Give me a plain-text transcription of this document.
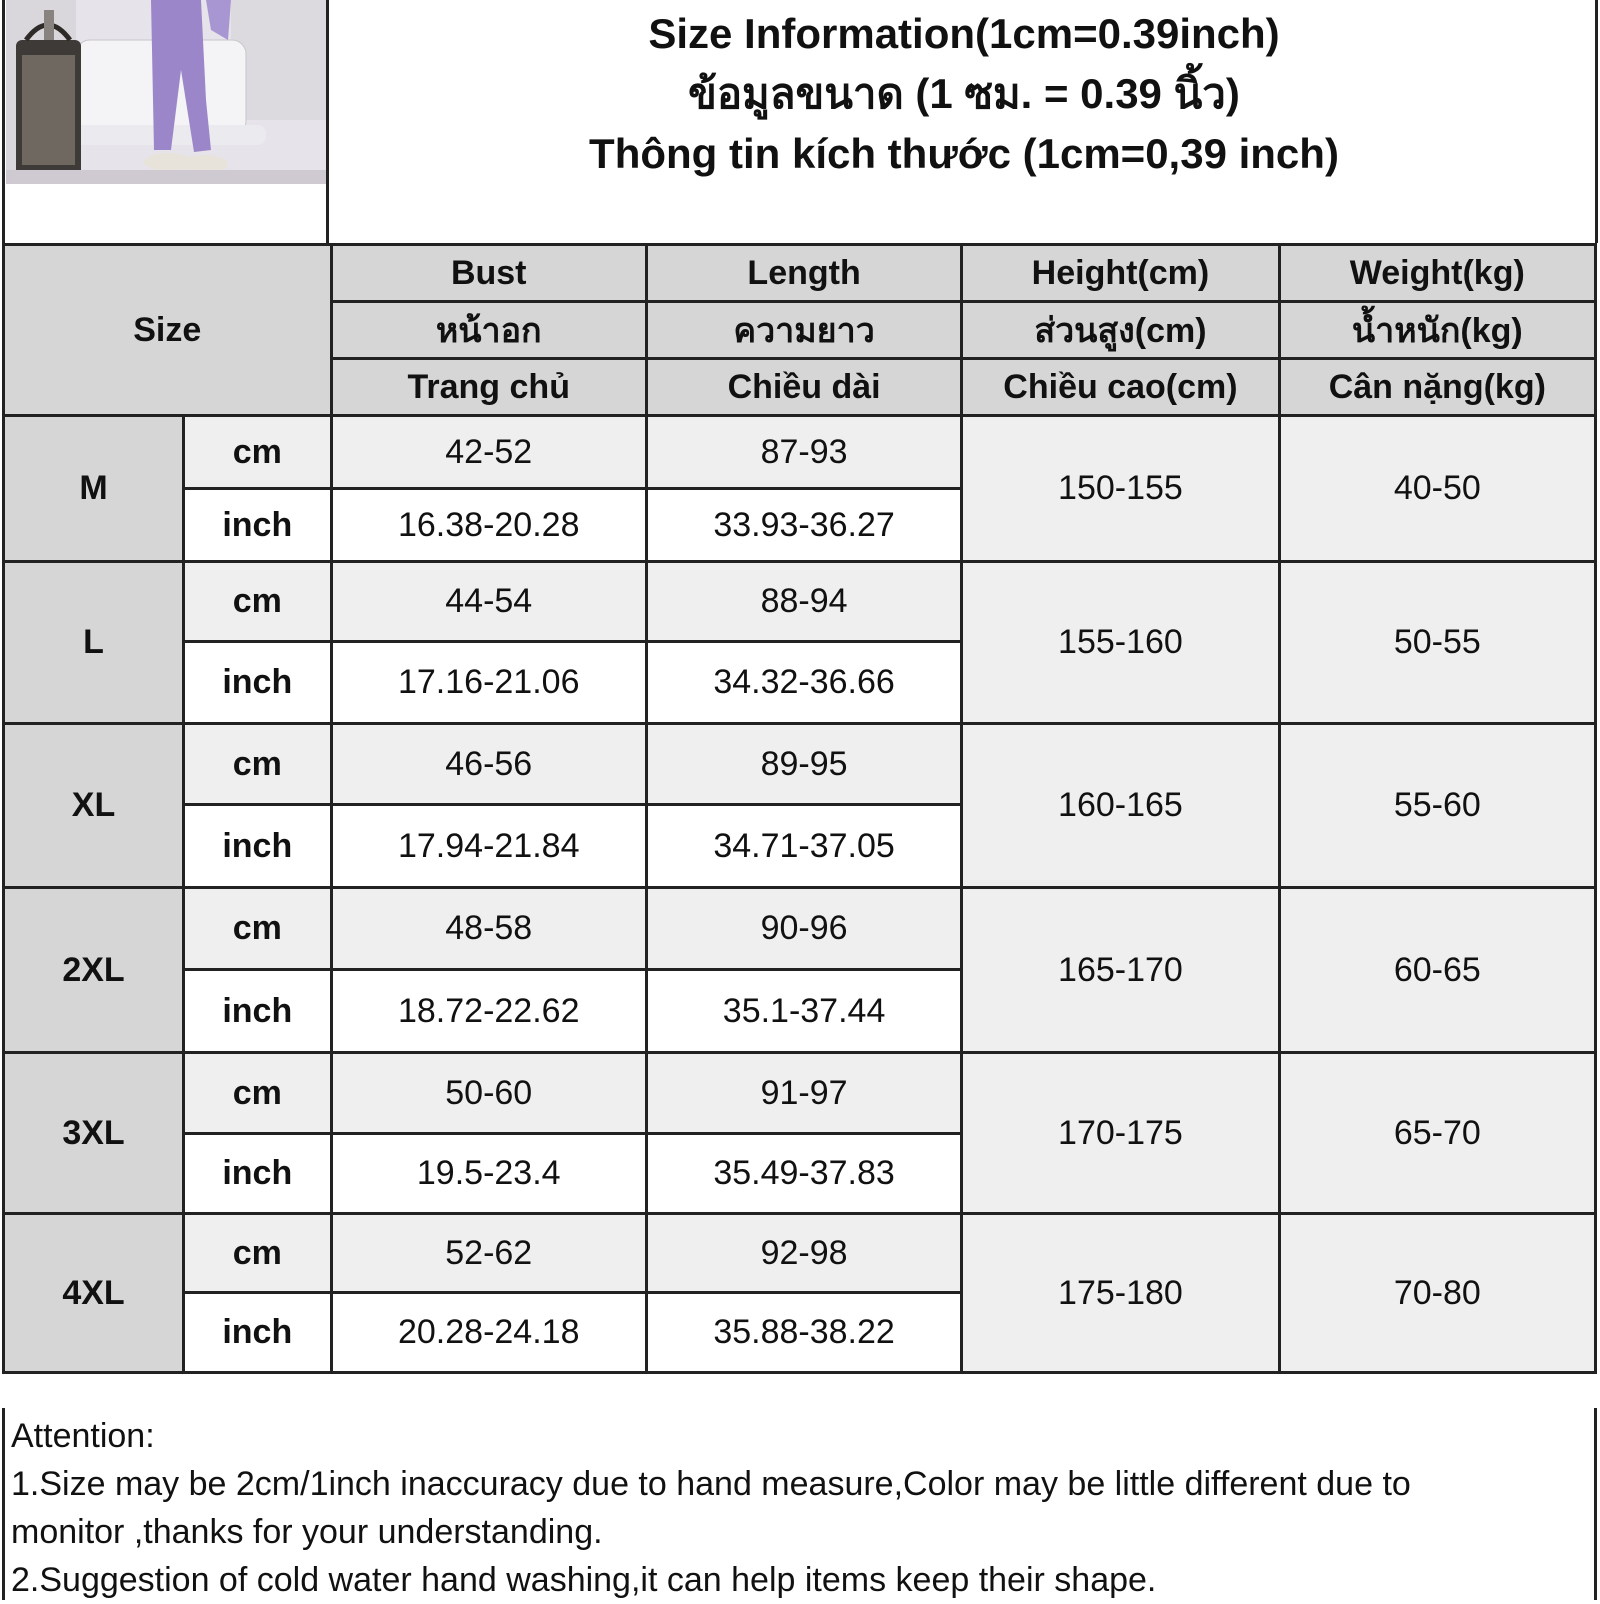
Size Information(1cm=0.39inch)
ข้อมูลขนาด (1 ซม. = 0.39 นิ้ว)
Thông tin kích thước (1cm=0,39 inch)
Size		Bust	Length	Height(cm)	Weight(kg)
		หน้าอก	ความยาว	ส่วนสูง(cm)	น้ำหนัก(kg)
		Trang chủ	Chiều dài	Chiều cao(cm)	Cân nặng(kg)
M	cm	42-52	87-93	150-155	40-50
	inch	16.38-20.28	33.93-36.27		
L	cm	44-54	88-94	155-160	50-55
	inch	17.16-21.06	34.32-36.66		
XL	cm	46-56	89-95	160-165	55-60
	inch	17.94-21.84	34.71-37.05		
2XL	cm	48-58	90-96	165-170	60-65
	inch	18.72-22.62	35.1-37.44		
3XL	cm	50-60	91-97	170-175	65-70
	inch	19.5-23.4	35.49-37.83		
4XL	cm	52-62	92-98	175-180	70-80
	inch	20.28-24.18	35.88-38.22		
Attention:
1.Size may be 2cm/1inch inaccuracy due to hand measure,Color may be little different due to
monitor ,thanks for your understanding.
2.Suggestion of cold water hand washing,it can help items keep their shape.
